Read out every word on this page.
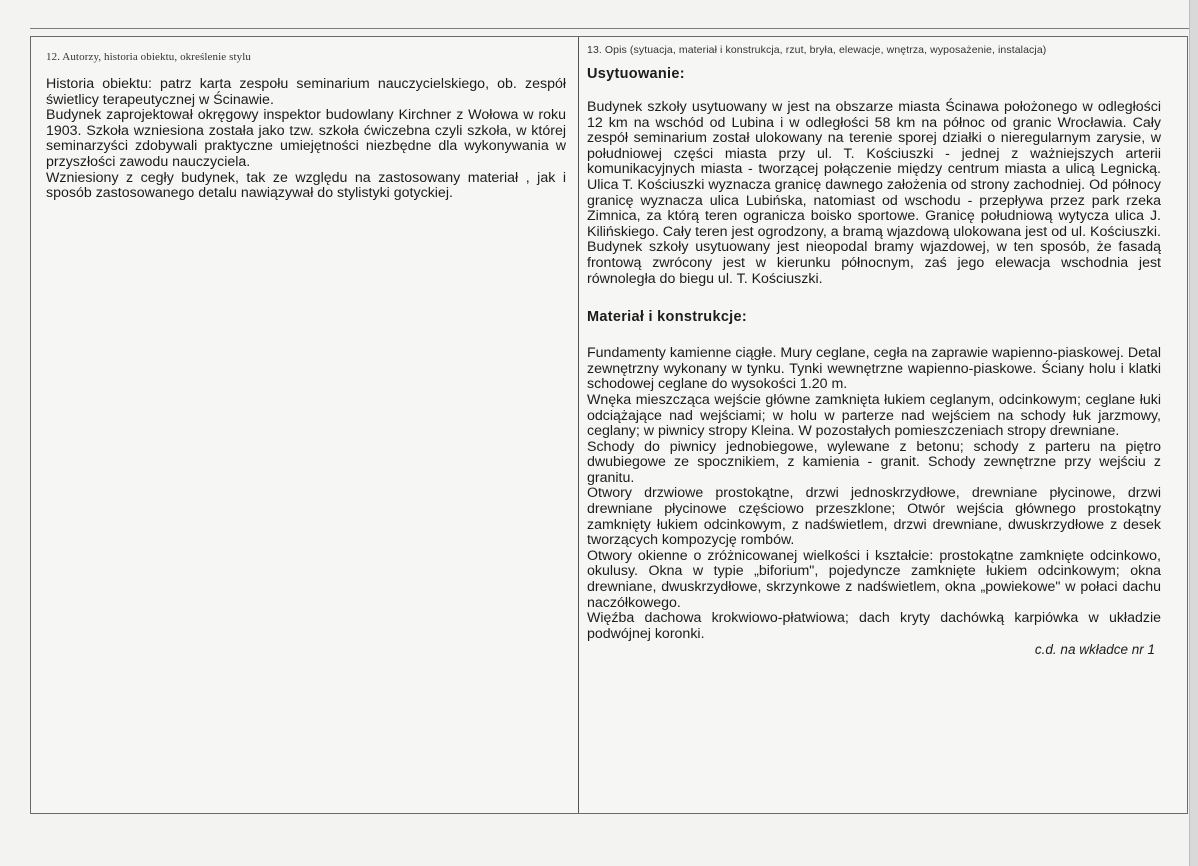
12. Autorzy, historia obiektu, określenie stylu

Historia obiektu: patrz karta zespołu seminarium nauczycielskiego, ob. zespół świetlicy terapeutycznej w Ścinawie.

Budynek zaprojektował okręgowy inspektor budowlany Kirchner z Wołowa w roku 1903. Szkoła wzniesiona została jako tzw. szkoła ćwiczebna czyli szkoła, w której seminarzyści zdobywali praktyczne umiejętności niezbędne dla wykonywania w przyszłości zawodu nauczyciela.

Wzniesiony z cegły budynek, tak ze względu na zastosowany materiał , jak i sposób zastosowanego detalu nawiązywał do stylistyki gotyckiej.

13. Opis (sytuacja, materiał i konstrukcja, rzut, bryła, elewacje, wnętrza, wyposażenie, instalacja)
Usytuowanie:

Budynek szkoły usytuowany w jest na obszarze miasta Ścinawa położonego w odległości 12 km na wschód od Lubina i w odległości 58 km na północ od granic Wrocławia. Cały zespół seminarium został ulokowany na terenie sporej działki o nieregularnym zarysie, w południowej części miasta przy ul. T. Kościuszki - jednej z ważniejszych arterii komunikacyjnych miasta - tworzącej połączenie między centrum miasta a ulicą Legnicką. Ulica T. Kościuszki wyznacza granicę dawnego założenia od strony zachodniej. Od północy granicę wyznacza ulica Lubińska, natomiast od wschodu - przepływa przez park rzeka Zimnica, za którą teren ogranicza boisko sportowe. Granicę południową wytycza ulica J. Kilińskiego. Cały teren jest ogrodzony, a bramą wjazdową ulokowana jest od ul. Kościuszki. Budynek szkoły usytuowany jest nieopodal bramy wjazdowej, w ten sposób, że fasadą frontową zwrócony jest w kierunku północnym, zaś jego elewacja wschodnia jest równoległa do biegu ul. T. Kościuszki.

Materiał i konstrukcje:

Fundamenty kamienne ciągłe. Mury ceglane, cegła na zaprawie wapienno-piaskowej. Detal zewnętrzny wykonany w tynku. Tynki wewnętrzne wapienno-piaskowe. Ściany holu i klatki schodowej ceglane do wysokości 1.20 m.

Wnęka mieszcząca wejście główne zamknięta łukiem ceglanym, odcinkowym; ceglane łuki odciążające nad wejściami; w holu w parterze nad wejściem na schody łuk jarzmowy, ceglany; w piwnicy stropy Kleina. W pozostałych pomieszczeniach stropy drewniane.

Schody do piwnicy jednobiegowe, wylewane z betonu; schody z parteru na piętro dwubiegowe ze spocznikiem, z kamienia - granit. Schody zewnętrzne przy wejściu z granitu.

Otwory drzwiowe prostokątne, drzwi jednoskrzydłowe, drewniane płycinowe, drzwi drewniane płycinowe częściowo przeszklone; Otwór wejścia głównego prostokątny zamknięty łukiem odcinkowym, z nadświetlem, drzwi drewniane, dwuskrzydłowe z desek tworzących kompozycję rombów.

Otwory okienne o zróżnicowanej wielkości i kształcie: prostokątne zamknięte odcinkowo, okulusy. Okna w typie „biforium", pojedyncze zamknięte łukiem odcinkowym; okna drewniane, dwuskrzydłowe, skrzynkowe z nadświetlem, okna „powiekowe" w połaci dachu naczółkowego.

Więźba dachowa krokwiowo-płatwiowa; dach kryty dachówką karpiówka w układzie podwójnej koronki.

c.d. na wkładce nr 1
